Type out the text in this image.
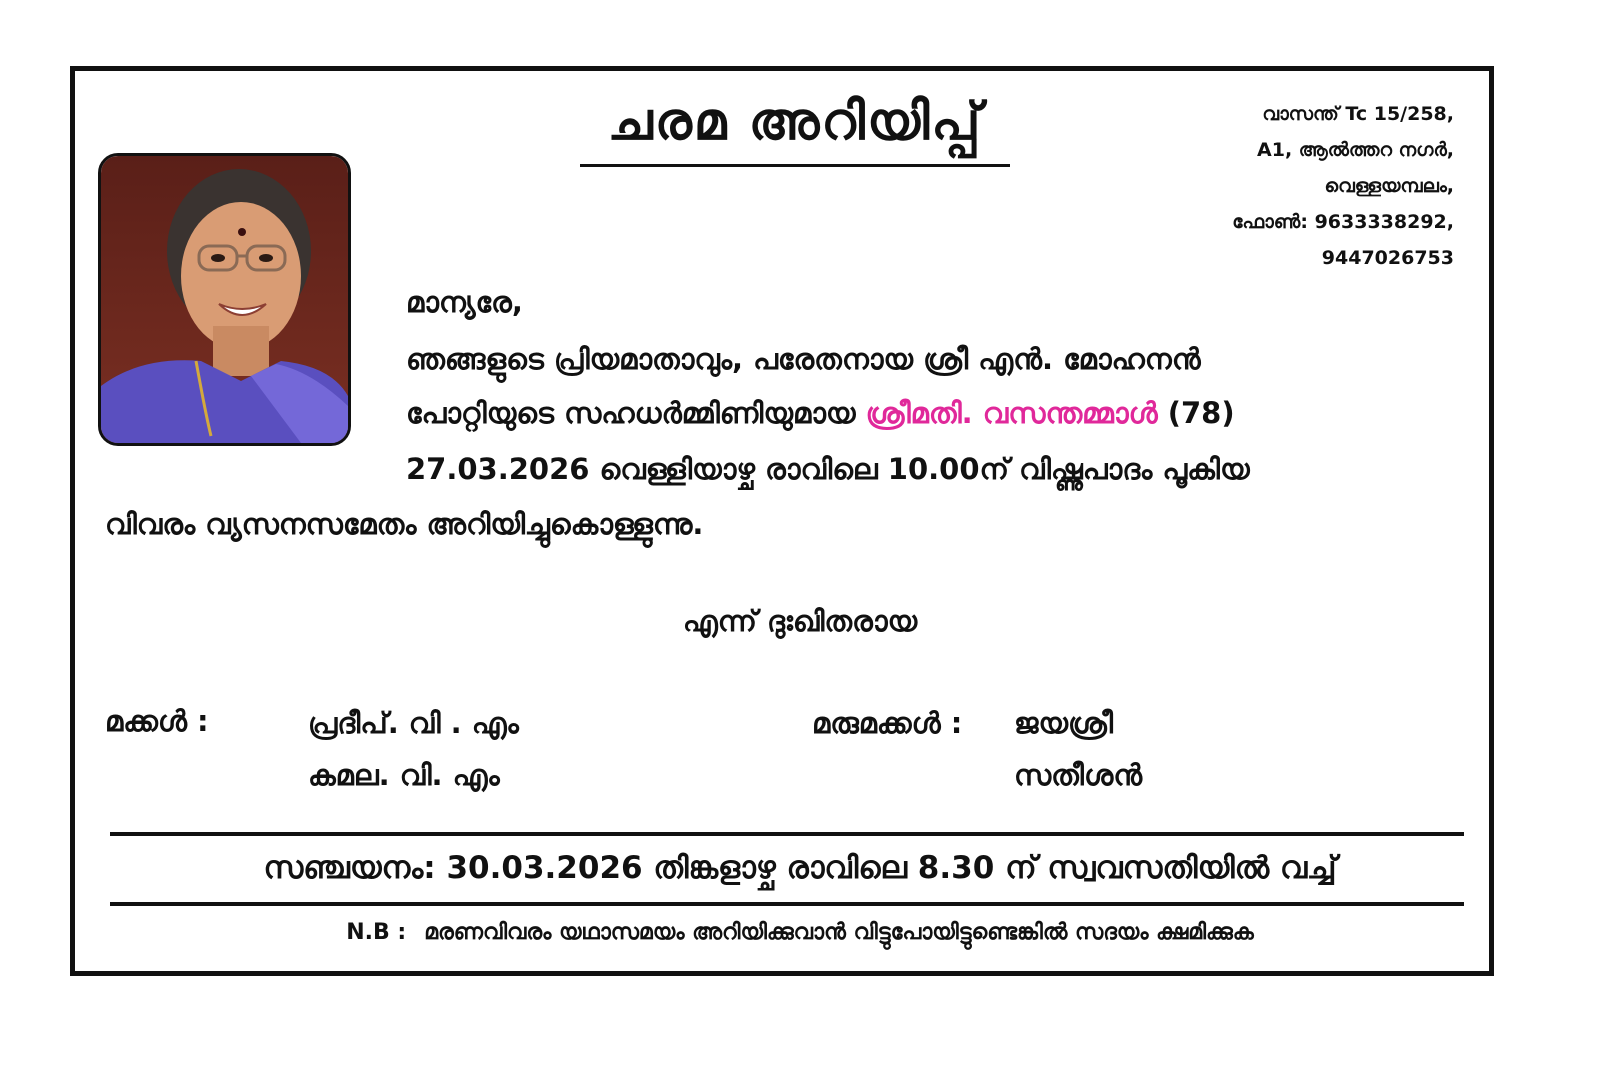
ചരമ അറിയിപ്പ്	വാസന്ത് Tc 15/258,
A1, ആൽത്തറ നഗർ,
വെള്ളയമ്പലം,
ഫോൺ: 9633338292,
9447026753
മാന്യരേ,
ഞങ്ങളുടെ പ്രിയമാതാവും, പരേതനായ ശ്രീ എൻ. മോഹനൻ
പോറ്റിയുടെ സഹധർമ്മിണിയുമായ ശ്രീമതി. വസന്തമ്മാൾ (78)
27.03.2026 വെള്ളിയാഴ്ച രാവിലെ 10.00ന് വിഷ്ണുപാദം പൂകിയ
വിവരം വ്യസനസമേതം അറിയിച്ചുകൊള്ളുന്നു.
എന്ന് ദുഃഖിതരായ
മക്കൾ :	പ്രദീപ്. വി . എം
കമല. വി. എം
മരുമക്കൾ : ജയശ്രീ
സതീശൻ
സഞ്ചയനം: 30.03.2026 തിങ്കളാഴ്ച രാവിലെ 8.30 ന് സ്വവസതിയിൽ വച്ച്
N.B : മരണവിവരം യഥാസമയം അറിയിക്കുവാൻ വിട്ടുപോയിട്ടുണ്ടെങ്കിൽ സദയം ക്ഷമിക്കുക
